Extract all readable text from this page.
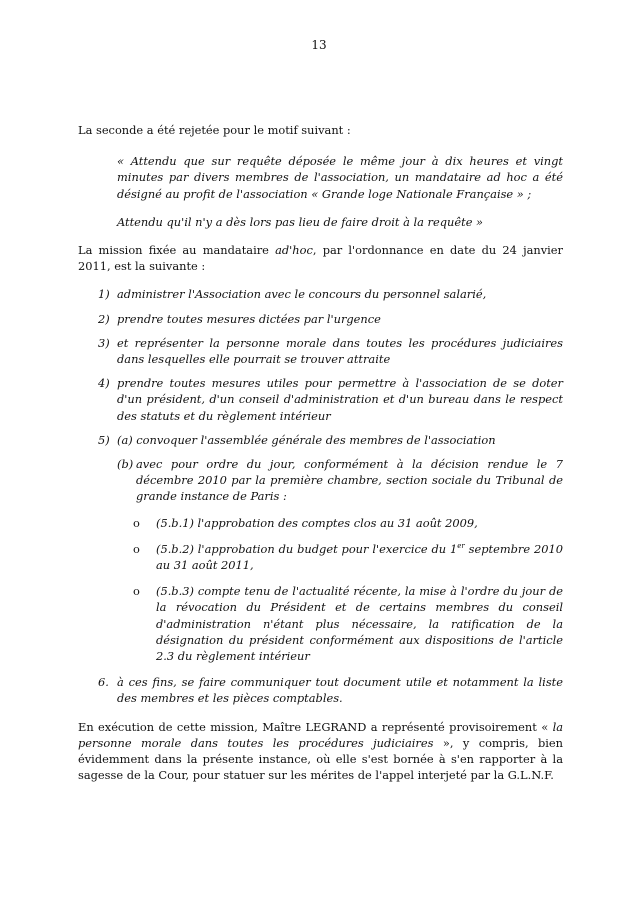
13

La seconde a été rejetée pour le motif suivant :

« Attendu que sur requête déposée le même jour à dix heures et vingt minutes par divers membres de l'association, un mandataire ad hoc a été désigné au profit de l'association « Grande loge Nationale Française » ;

Attendu qu'il n'y a dès lors pas lieu de faire droit à la requête »

La mission fixée au mandataire ad'hoc, par l'ordonnance en date du 24 janvier 2011, est la suivante :

1) administrer l'Association avec le concours du personnel salarié,
2) prendre toutes mesures dictées par l'urgence
3) et représenter la personne morale dans toutes les procédures judiciaires dans lesquelles elle pourrait se trouver attraite
4) prendre toutes mesures utiles pour permettre à l'association de se doter d'un président, d'un conseil d'administration et d'un bureau dans le respect des statuts et du règlement intérieur
5) (a) convoquer l'assemblée générale des membres de l'association
(b) avec pour ordre du jour, conformément à la décision rendue le 7 décembre 2010 par la première chambre, section sociale du Tribunal de grande instance de Paris :
o (5.b.1) l'approbation des comptes clos au 31 août 2009,
o (5.b.2) l'approbation du budget pour l'exercice du 1er septembre 2010 au 31 août 2011,
o (5.b.3) compte tenu de l'actualité récente, la mise à l'ordre du jour de la révocation du Président et de certains membres du conseil d'administration n'étant plus nécessaire, la ratification de la désignation du président conformément aux dispositions de l'article 2.3 du règlement intérieur
6. à ces fins, se faire communiquer tout document utile et notamment la liste des membres et les pièces comptables.

En exécution de cette mission, Maître LEGRAND a représenté provisoirement « la personne morale dans toutes les procédures judiciaires », y compris, bien évidemment dans la présente instance, où elle s'est bornée à s'en rapporter à la sagesse de la Cour, pour statuer sur les mérites de l'appel interjeté par la G.L.N.F.
